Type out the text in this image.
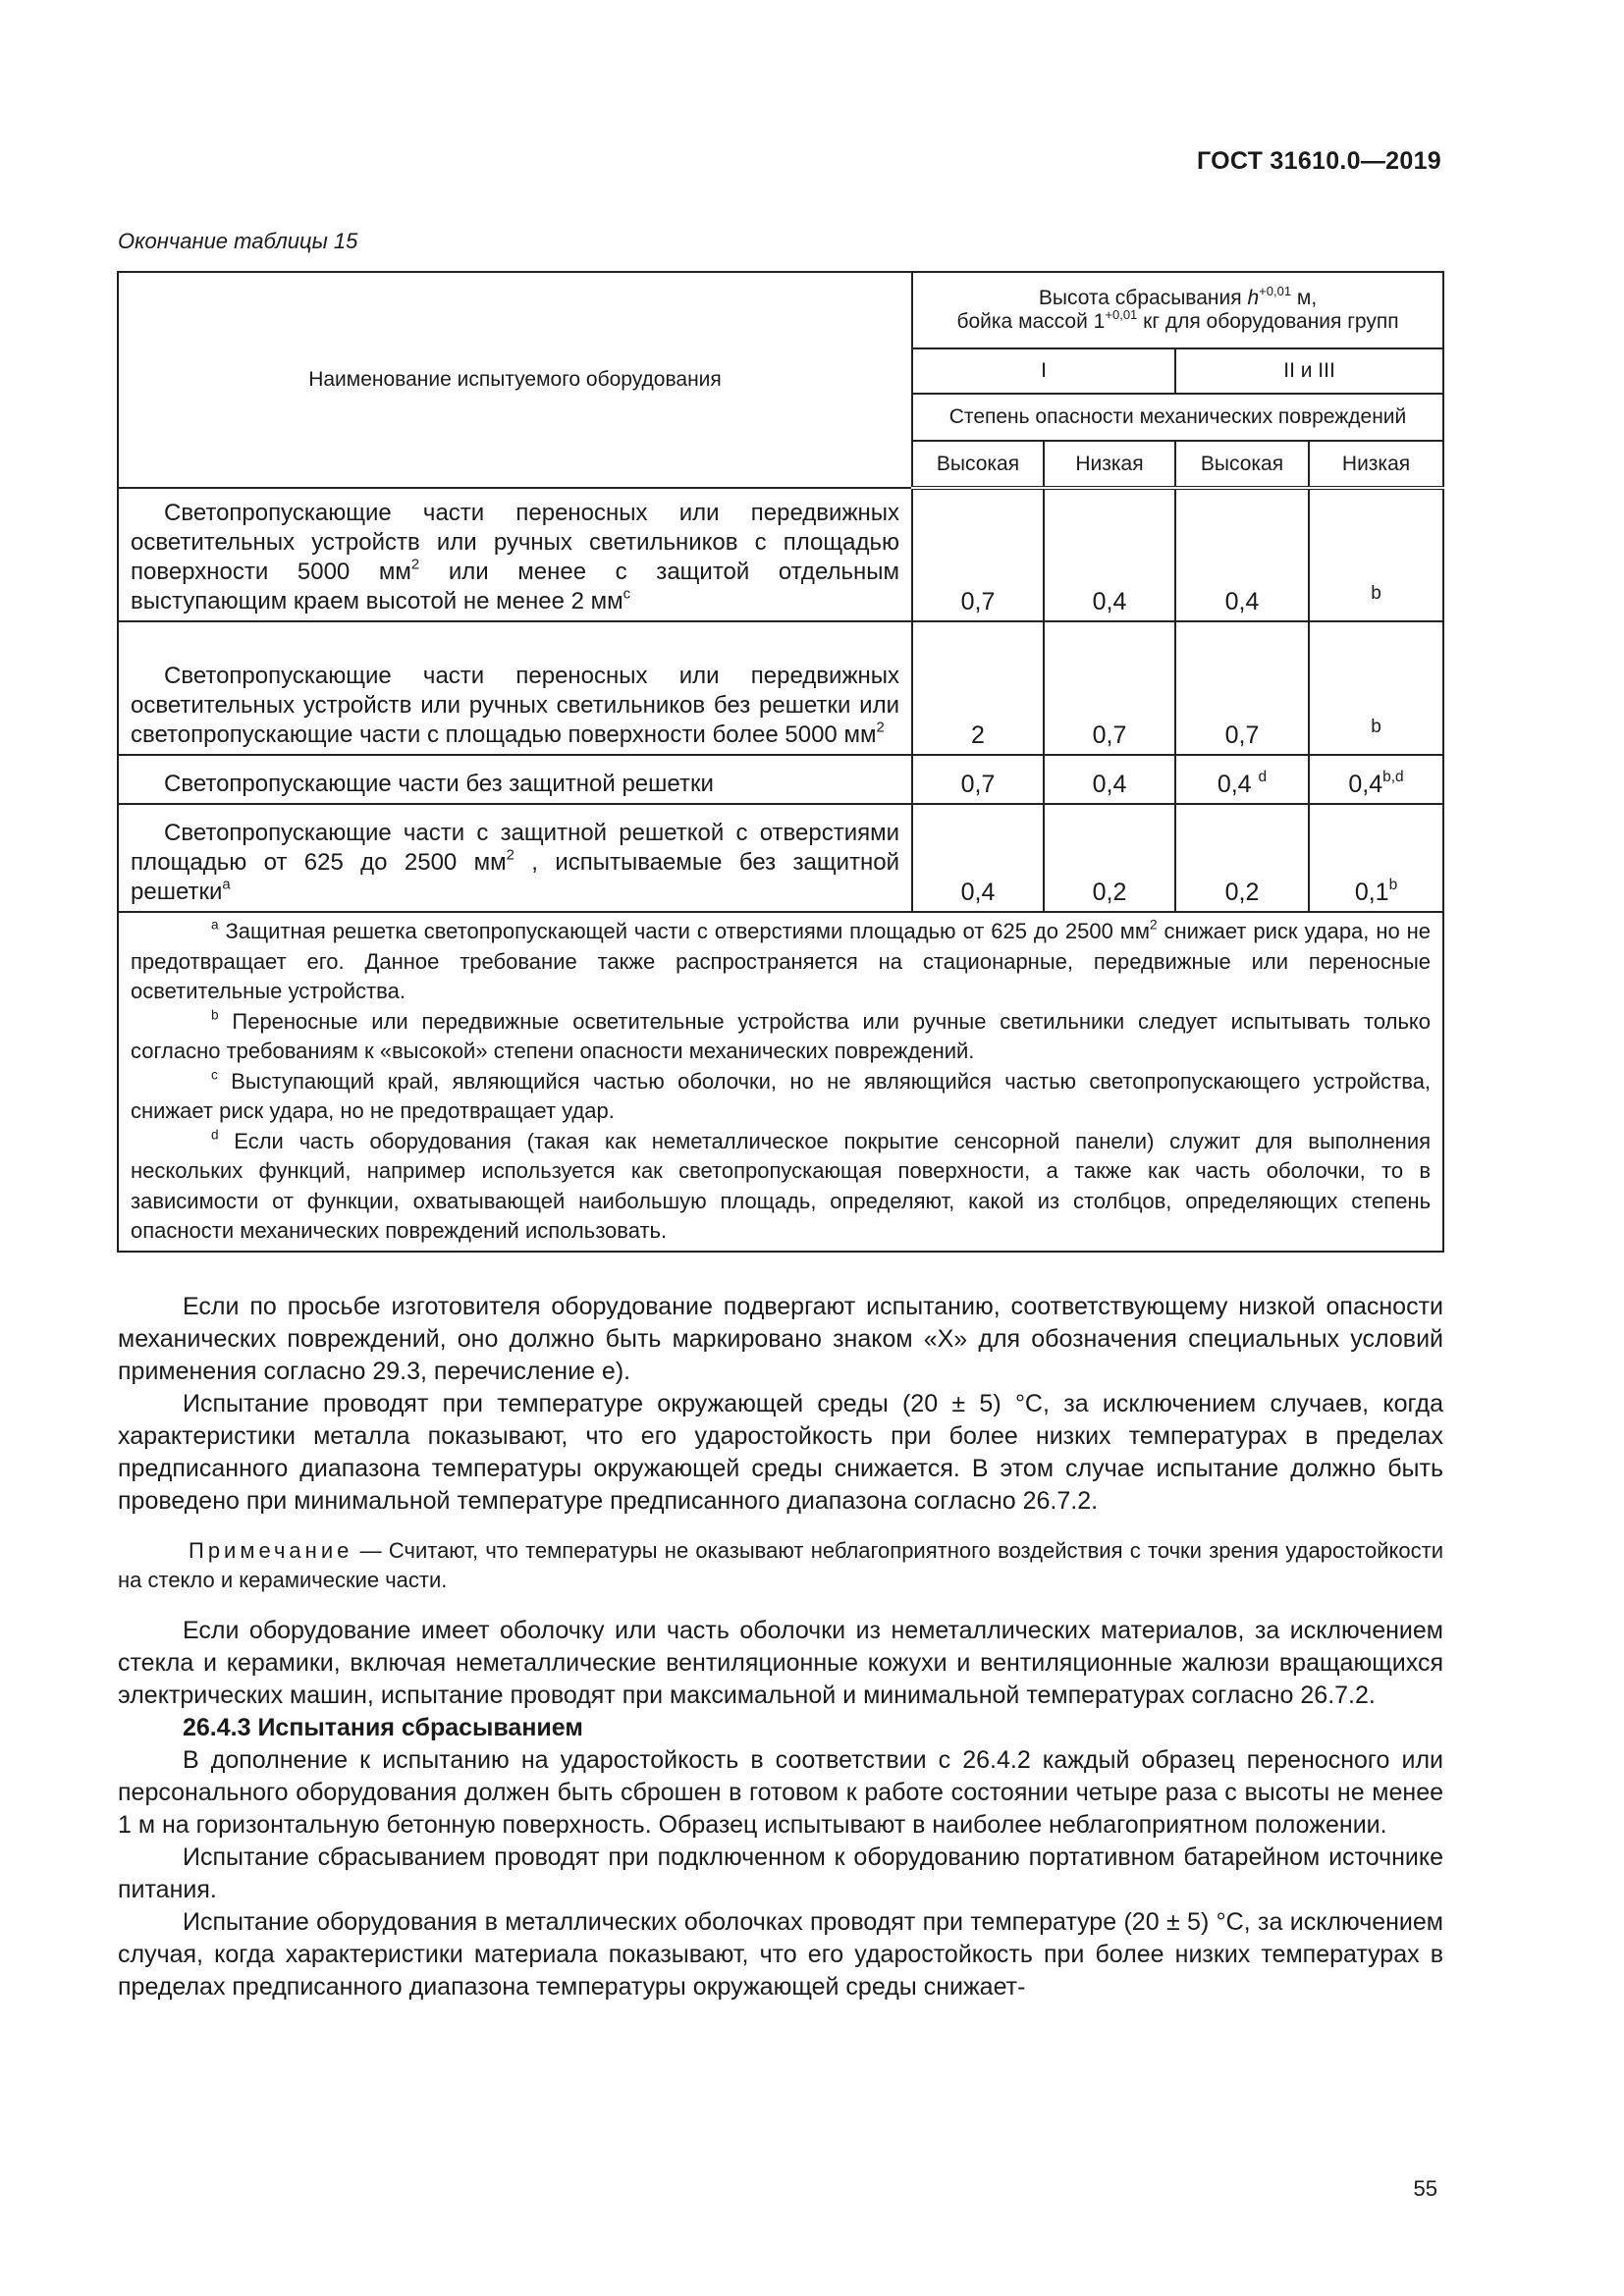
ГОСТ 31610.0—2019
Окончание таблицы 15
Наименование испытуемого оборудования	Высота сбрасывания $h^{+0,01}$ м,
бойка массой $1^{+0,01}$ кг для оборудования групп			
	I		II и III	
	Степень опасности механических повреждений			
	Высокая	Низкая	Высокая	Низкая
Светопропускающие части переносных или передвижных осветительных устройств или ручных светильников с площадью поверхности 5000 $мм^2$ или менее с защитой отдельным выступающим краем высотой не менее 2 $мм^c$	0,7	0,4	0,4	b
Светопропускающие части переносных или передвижных осветительных устройств или ручных светильников без решетки или светопропускающие части с площадью поверхности более 5000 $мм^2$	2	0,7	0,7	b
Светопропускающие части без защитной решетки	0,7	0,4	0,4 $^d$	0,4$^{b,d}$
Светопропускающие части с защитной решеткой с отверстиями площадью от 625 до 2500 $мм^2$ , испытываемые без защитной решетки$^a$	0,4	0,2	0,2	0,1$^b$

$^a$ Защитная решетка светопропускающей части с отверстиями площадью от 625 до 2500 $мм^2$ снижает риск удара, но не предотвращает его. Данное требование также распространяется на стационарные, передвижные или переносные осветительные устройства.

$^b$ Переносные или передвижные осветительные устройства или ручные светильники следует испытывать только согласно требованиям к «высокой» степени опасности механических повреждений.

$^c$ Выступающий край, являющийся частью оболочки, но не являющийся частью светопропускающего устройства, снижает риск удара, но не предотвращает удар.

$^d$ Если часть оборудования (такая как неметаллическое покрытие сенсорной панели) служит для выполнения нескольких функций, например используется как светопропускающая поверхности, а также как часть оболочки, то в зависимости от функции, охватывающей наибольшую площадь, определяют, какой из столбцов, определяющих степень опасности механических повреждений использовать.				

Если по просьбе изготовителя оборудование подвергают испытанию, соответствующему низкой опасности механических повреждений, оно должно быть маркировано знаком «X» для обозначения специальных условий применения согласно 29.3, перечисление е).

Испытание проводят при температуре окружающей среды (20 ± 5) °С, за исключением случаев, когда характеристики металла показывают, что его ударостойкость при более низких температурах в пределах предписанного диапазона температуры окружающей среды снижается. В этом случае испытание должно быть проведено при минимальной температуре предписанного диапазона согласно 26.7.2.

Примечание — Считают, что температуры не оказывают неблагоприятного воздействия с точки зрения ударостойкости на стекло и керамические части.

Если оборудование имеет оболочку или часть оболочки из неметаллических материалов, за исключением стекла и керамики, включая неметаллические вентиляционные кожухи и вентиляционные жалюзи вращающихся электрических машин, испытание проводят при максимальной и минимальной температурах согласно 26.7.2.

26.4.3 Испытания сбрасыванием

В дополнение к испытанию на ударостойкость в соответствии с 26.4.2 каждый образец переносного или персонального оборудования должен быть сброшен в готовом к работе состоянии четыре раза с высоты не менее 1 м на горизонтальную бетонную поверхность. Образец испытывают в наиболее неблагоприятном положении.

Испытание сбрасыванием проводят при подключенном к оборудованию портативном батарейном источнике питания.

Испытание оборудования в металлических оболочках проводят при температуре (20 ± 5) °С, за исключением случая, когда характеристики материала показывают, что его ударостойкость при более низких температурах в пределах предписанного диапазона температуры окружающей среды снижает-

55
